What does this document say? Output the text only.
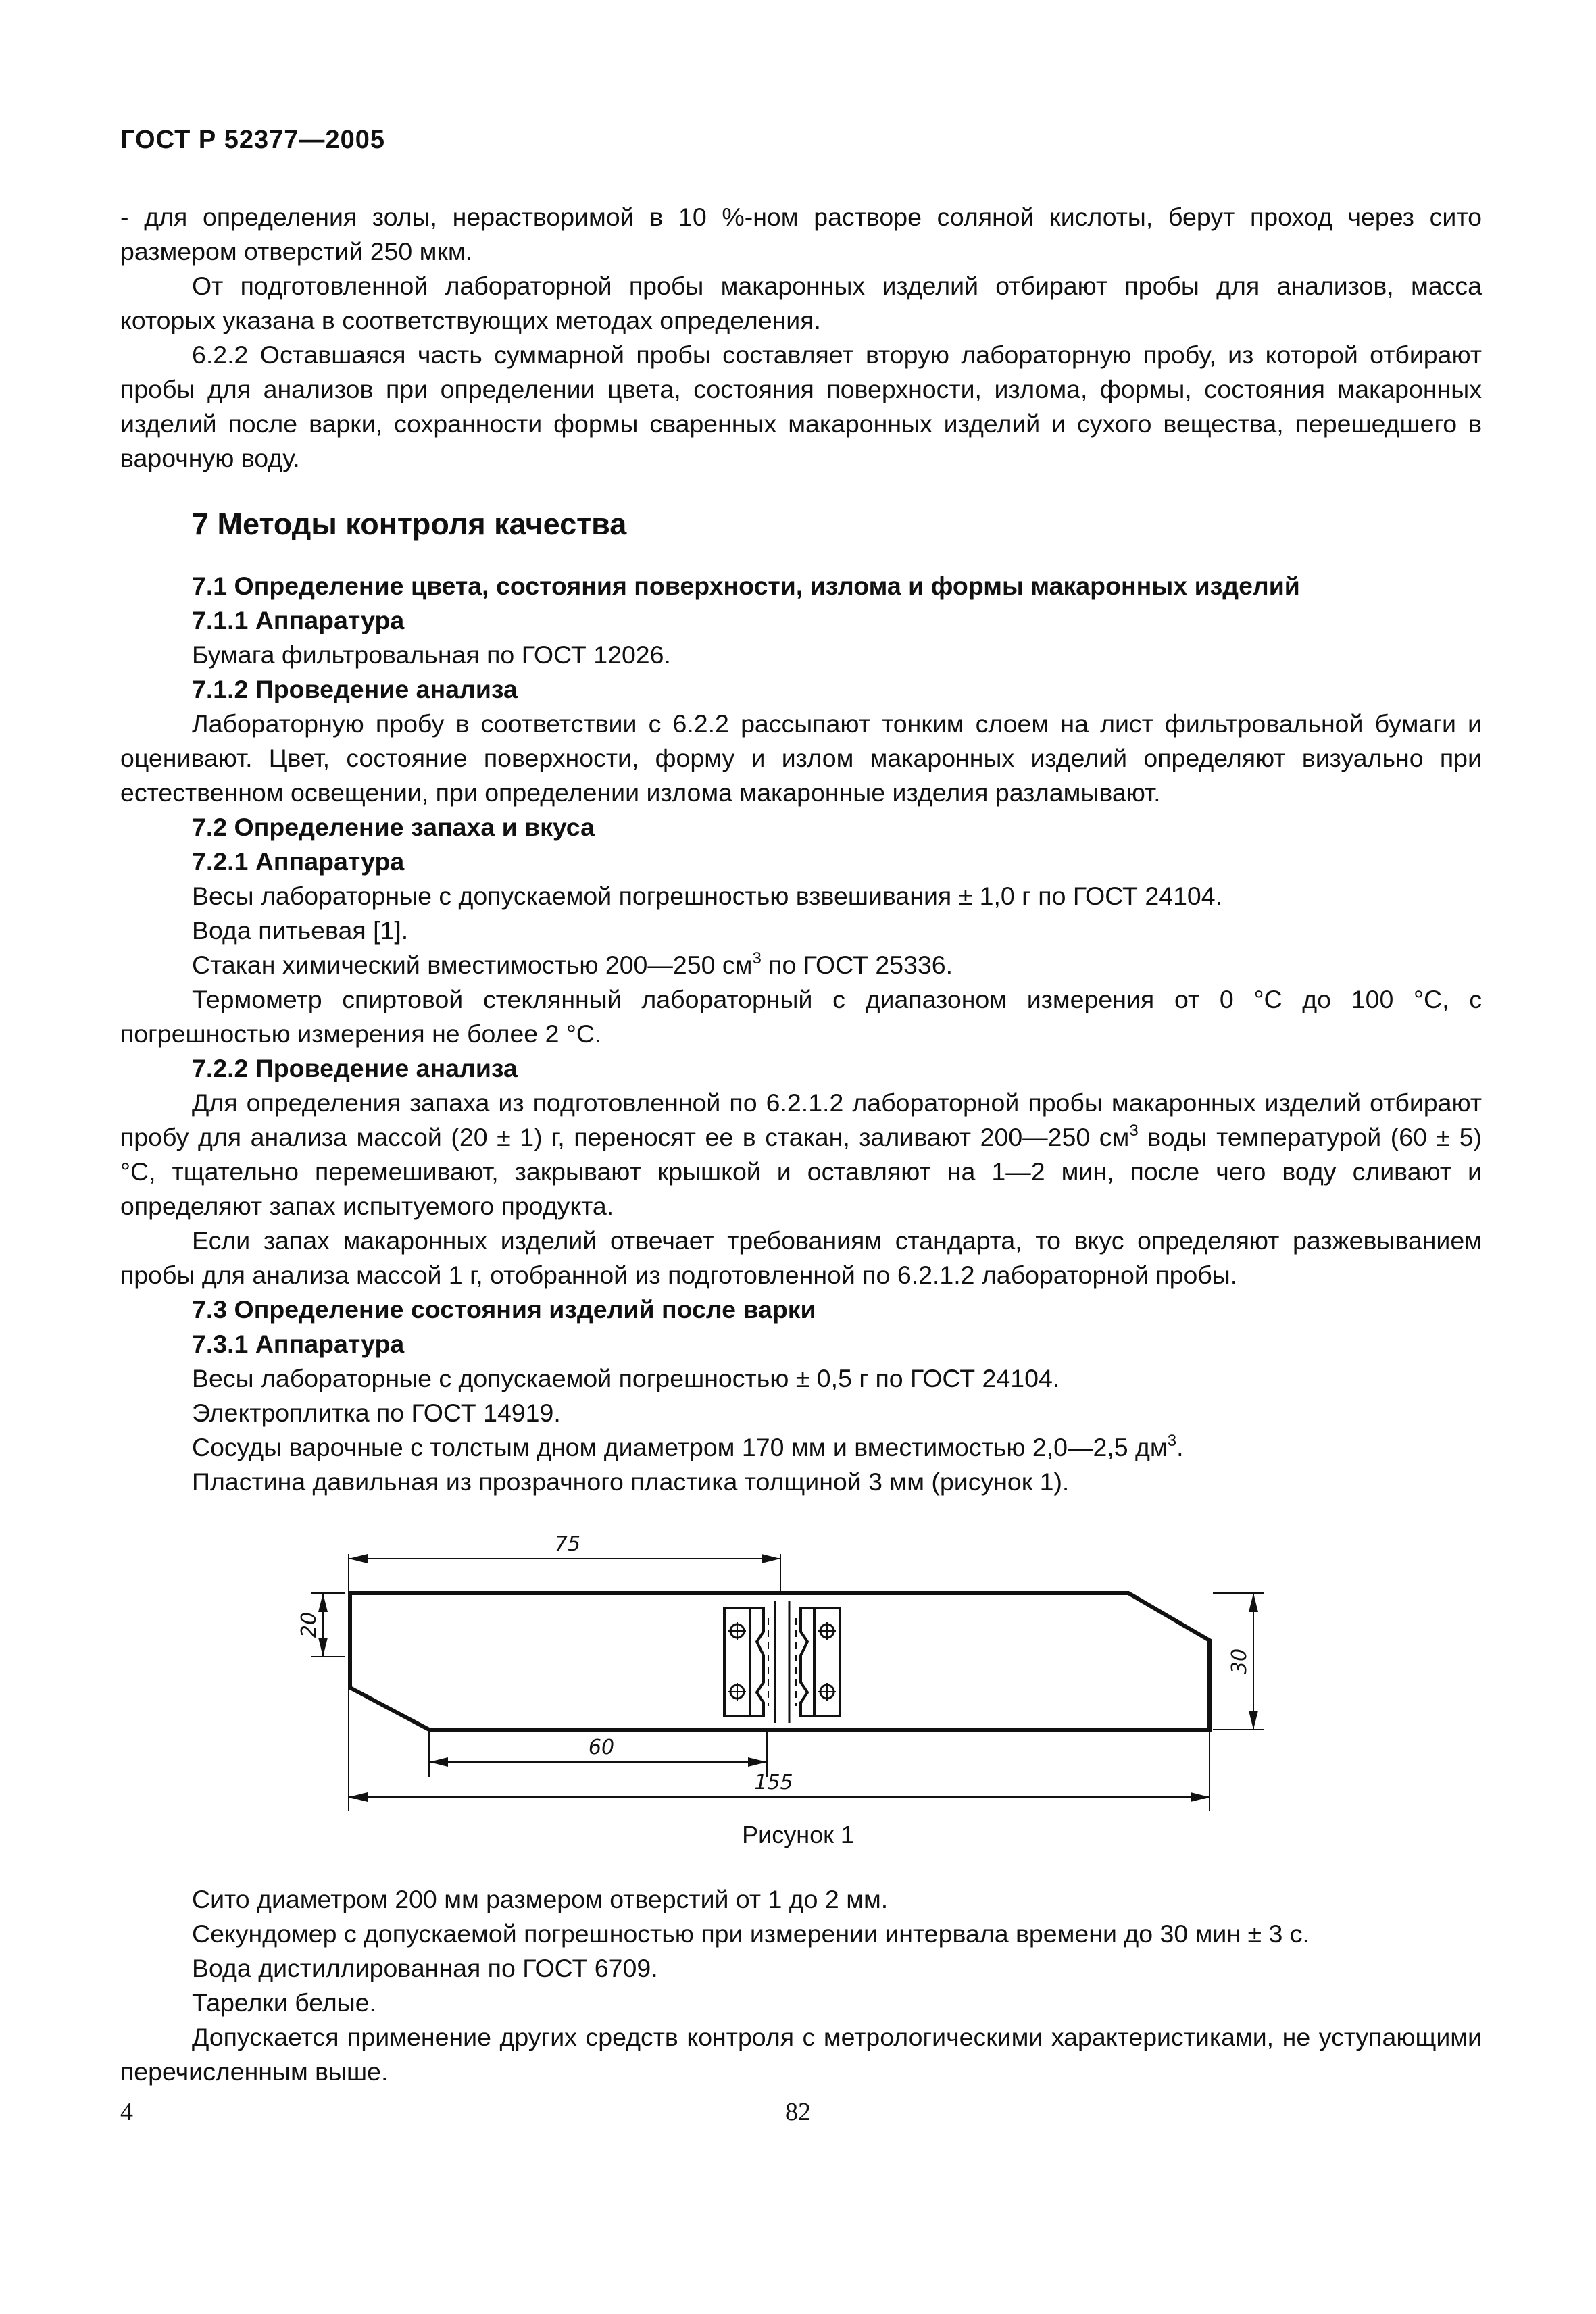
ГОСТ Р 52377—2005

- для определения золы, нерастворимой в 10 %-ном растворе соляной кислоты, берут проход через сито размером отверстий 250 мкм.

От подготовленной лабораторной пробы макаронных изделий отбирают пробы для анализов, масса которых указана в соответствующих методах определения.

6.2.2 Оставшаяся часть суммарной пробы составляет вторую лабораторную пробу, из которой отбирают пробы для анализов при определении цвета, состояния поверхности, излома, формы, состояния макаронных изделий после варки, сохранности формы сваренных макаронных изделий и сухого вещества, перешедшего в варочную воду.

7 Методы контроля качества

7.1 Определение цвета, состояния поверхности, излома и формы макаронных изделий

7.1.1 Аппаратура

Бумага фильтровальная по ГОСТ 12026.

7.1.2 Проведение анализа

Лабораторную пробу в соответствии с 6.2.2 рассыпают тонким слоем на лист фильтровальной бумаги и оценивают. Цвет, состояние поверхности, форму и излом макаронных изделий определяют визуально при естественном освещении, при определении излома макаронные изделия разламывают.

7.2 Определение запаха и вкуса

7.2.1 Аппаратура

Весы лабораторные с допускаемой погрешностью взвешивания ± 1,0 г по ГОСТ 24104.

Вода питьевая [1].

Стакан химический вместимостью 200—250 $см^3$ по ГОСТ 25336.

Термометр спиртовой стеклянный лабораторный с диапазоном измерения от 0 °С до 100 °С, с погрешностью измерения не более 2 °С.

7.2.2 Проведение анализа

Для определения запаха из подготовленной по 6.2.1.2 лабораторной пробы макаронных изделий отбирают пробу для анализа массой (20 ± 1) г, переносят ее в стакан, заливают 200—250 $см^3$ воды температурой (60 ± 5) °С, тщательно перемешивают, закрывают крышкой и оставляют на 1—2 мин, после чего воду сливают и определяют запах испытуемого продукта.

Если запах макаронных изделий отвечает требованиям стандарта, то вкус определяют разжевыванием пробы для анализа массой 1 г, отобранной из подготовленной по 6.2.1.2 лабораторной пробы.

7.3 Определение состояния изделий после варки

7.3.1 Аппаратура

Весы лабораторные с допускаемой погрешностью ± 0,5 г по ГОСТ 24104.

Электроплитка по ГОСТ 14919.

Сосуды варочные с толстым дном диаметром 170 мм и вместимостью 2,0—2,5 $дм^3$.

Пластина давильная из прозрачного пластика толщиной 3 мм (рисунок 1).

75
60
155
20
30
Рисунок 1

Сито диаметром 200 мм размером отверстий от 1 до 2 мм.

Секундомер с допускаемой погрешностью при измерении интервала времени до 30 мин ± 3 с.

Вода дистиллированная по ГОСТ 6709.

Тарелки белые.

Допускается применение других средств контроля с метрологическими характеристиками, не уступающими перечисленным выше.

4	82
